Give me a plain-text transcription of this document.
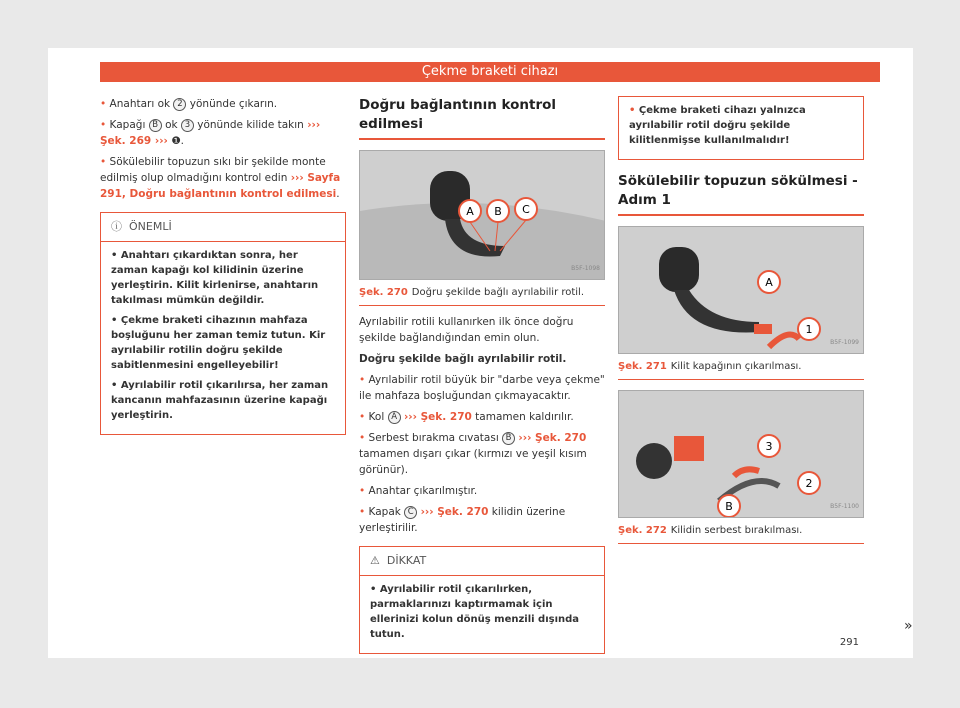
Çekme braketi cihazı

• Anahtarı ok 2 yönünde çıkarın.

• Kapağı B ok 3 yönünde kilide takın ››› Şek. 269 ››› ❶.

• Sökülebilir topuzun sıkı bir şekilde monte edilmiş olup olmadığını kontrol edin ››› Sayfa 291, Doğru bağlantının kontrol edilmesi.

ⓘ ÖNEMLİ

• Anahtarı çıkardıktan sonra, her zaman kapağı kol kilidinin üzerine yerleştirin. Kilit kirlenirse, anahtarın takılması mümkün değildir.

• Çekme braketi cihazının mahfaza boşluğunu her zaman temiz tutun. Kir ayrılabilir rotilin doğru şekilde sabitlenmesini engelleyebilir!

• Ayrılabilir rotil çıkarılırsa, her zaman kancanın mahfazasının üzerine kapağı yerleştirin.

Doğru bağlantının kontrol edilmesi
A B C
B5F-1098
Şek. 270 Doğru şekilde bağlı ayrılabilir rotil.

Ayrılabilir rotili kullanırken ilk önce doğru şekilde bağlandığından emin olun.

Doğru şekilde bağlı ayrılabilir rotil.

• Ayrılabilir rotil büyük bir "darbe veya çekme" ile mahfaza boşluğundan çıkmayacaktır.

• Kol A ››› Şek. 270 tamamen kaldırılır.

• Serbest bırakma cıvatası B ››› Şek. 270 tamamen dışarı çıkar (kırmızı ve yeşil kısım görünür).

• Anahtar çıkarılmıştır.

• Kapak C ››› Şek. 270 kilidin üzerine yerleştirilir.

⚠ DİKKAT

• Ayrılabilir rotil çıkarılırken, parmaklarınızı kaptırmamak için ellerinizi kolun dönüş menzili dışında tutun.

• Çekme braketi cihazı yalnızca ayrılabilir rotil doğru şekilde kilitlenmişse kullanılmalıdır!

Sökülebilir topuzun sökülmesi - Adım 1
A
1
B5F-1099
Şek. 271 Kilit kapağının çıkarılması.
3
2
B	B5F-1100
Şek. 272 Kilidin serbest bırakılması.
»
291
